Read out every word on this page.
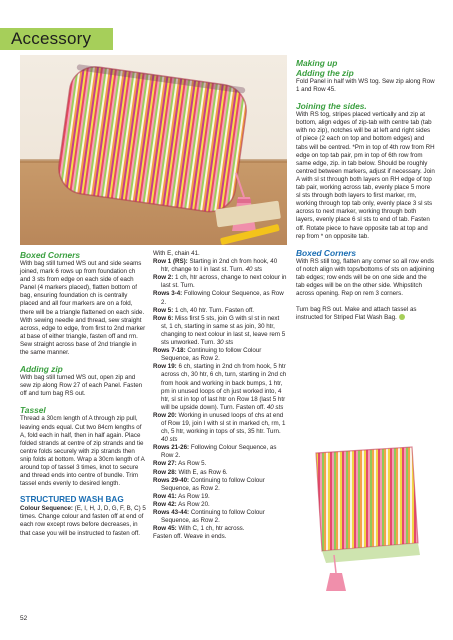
Accessory

Boxed Corners

With bag still turned WS out and side seams joined, mark 6 rows up from foundation ch and 3 sts from edge on each side of each Panel (4 markers placed), flatten bottom of bag, ensuring foundation ch is centrally placed and all four markers are on a fold, there will be a triangle flattened on each side. With sewing needle and thread, sew straight across, edge to edge, from first to 2nd marker at base of either triangle, fasten off and rm. Sew straight across base of 2nd triangle in the same manner.

Adding zip

With bag still turned WS out, open zip and sew zip along Row 27 of each Panel. Fasten off and turn bag RS out.

Tassel

Thread a 30cm length of A through zip pull, leaving ends equal. Cut two 84cm lengths of A, fold each in half, then in half again. Place folded strands at centre of zip strands and tie centre folds securely with zip strands then snip folds at bottom. Wrap a 30cm length of A around top of tassel 3 times, knot to secure and thread ends into centre of bundle. Trim tassel ends evenly to desired length.

STRUCTURED WASH BAG

Colour Sequence: (E, I, H, J, D, G, F, B, C) 5 times. Change colour and fasten off at end of each row except rows before decreases, in that case you will be instructed to fasten off.

With E, chain 41.

Row 1 (RS): Starting in 2nd ch from hook, 40 htr, change to I in last st. Turn. 40 sts

Row 2: 1 ch, htr across, change to next colour in last st. Turn.

Rows 3-4: Following Colour Sequence, as Row 2.

Row 5: 1 ch, 40 htr. Turn. Fasten off.

Row 6: Miss first 5 sts, join G with sl st in next st, 1 ch, starting in same st as join, 30 htr, changing to next colour in last st, leave rem 5 sts unworked. Turn. 30 sts

Rows 7-18: Continuing to follow Colour Sequence, as Row 2.

Row 19: 6 ch, starting in 2nd ch from hook, 5 htr across ch, 30 htr, 6 ch, turn, starting in 2nd ch from hook and working in back bumps, 1 htr, pm in unused loops of ch just worked into, 4 htr, sl st in top of last htr on Row 18 (last 5 htr will be upside down). Turn. Fasten off. 40 sts

Row 20: Working in unused loops of chs at end of Row 19, join I with sl st in marked ch, rm, 1 ch, 5 htr, working in tops of sts, 35 htr. Turn. 40 sts

Rows 21-26: Following Colour Sequence, as Row 2.

Row 27: As Row 5.

Row 28: With E, as Row 6.

Rows 29-40: Continuing to follow Colour Sequence, as Row 2.

Row 41: As Row 19.

Row 42: As Row 20.

Rows 43-44: Continuing to follow Colour Sequence, as Row 2.

Row 45: With C, 1 ch, htr across.

Fasten off. Weave in ends.

Making up

Adding the zip

Fold Panel in half with WS tog. Sew zip along Row 1 and Row 45.

Joining the sides.

With RS tog, stripes placed vertically and zip at bottom, align edges of zip-tab with centre tab (tab with no zip), notches will be at left and right sides of piece (2 each on top and bottom edges) and tabs will be centred. *Pm in top of 4th row from RH edge on top tab pair, pm in top of 6th row from same edge, zip. in tab below. Should be roughly centred between markers, adjust if necessary. Join A with sl st through both layers on RH edge of top tab pair, working across tab, evenly place 5 more sl sts through both layers to first marker, rm, working through top tab only, evenly place 3 sl sts across to next marker, working through both layers, evenly place 6 sl sts to end of tab. Fasten off. Rotate piece to have opposite tab at top and rep from * on opposite tab.

Boxed Corners

With RS still tog, flatten any corner so all row ends of notch align with tops/bottoms of sts on adjoining tab edges; row ends will be on one side and the tab edges will be on the other side. Whipstitch across opening. Rep on rem 3 corners.

Turn bag RS out. Make and attach tassel as instructed for Striped Flat Wash Bag.

52
